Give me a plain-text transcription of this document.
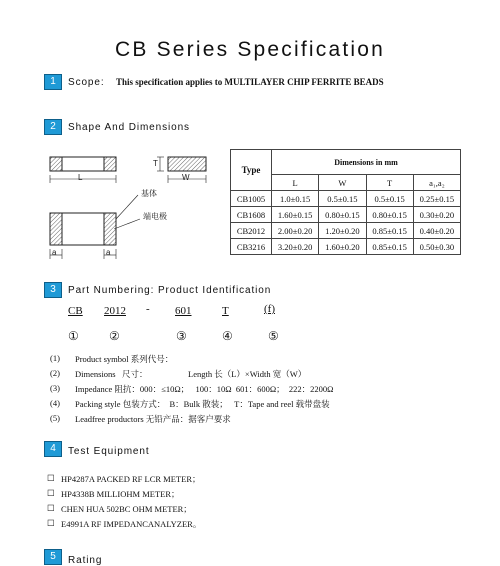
CB Series Specification
1	Scope: This specification applies to MULTILAYER CHIP FERRITE BEADS
2	Shape And Dimensions
L	W
T
基体
端电极
a	a
Type	Dimensions in mm			
	L	W	T	a₁,a₂
CB1005	1.0±0.15	0.5±0.15	0.5±0.15	0.25±0.15
CB1608	1.60±0.15	0.80±0.15	0.80±0.15	0.30±0.20
CB2012	2.00±0.20	1.20±0.20	0.85±0.15	0.40±0.20
CB3216	3.20±0.20	1.60±0.20	0.85±0.15	0.50±0.30
3	Part Numbering: Product Identification
CB 2012 - 601	T	(f)
①	②	③	④	⑤
(1) Product symbol 系列代号：
(2) Dimensions   尺寸：	Length 长（L）×Width 宽（W）
(3) Impedance 阻抗：000：≤10Ω；   100：10Ω  601：600Ω；  222：2200Ω
(4) Packing style 包装方式：  B：Bulk 散装；   T：Tape and reel 载带盘装
(5) Leadfree productors 无铅产品：据客户要求
4	Test Equipment
☐ HP4287A PACKED RF LCR METER；
☐ HP4338B MILLIOHM METER；
☐ CHEN HUA 502BC OHM METER；
☐ E4991A RF IMPEDANCANALYZER。
5	Rating
